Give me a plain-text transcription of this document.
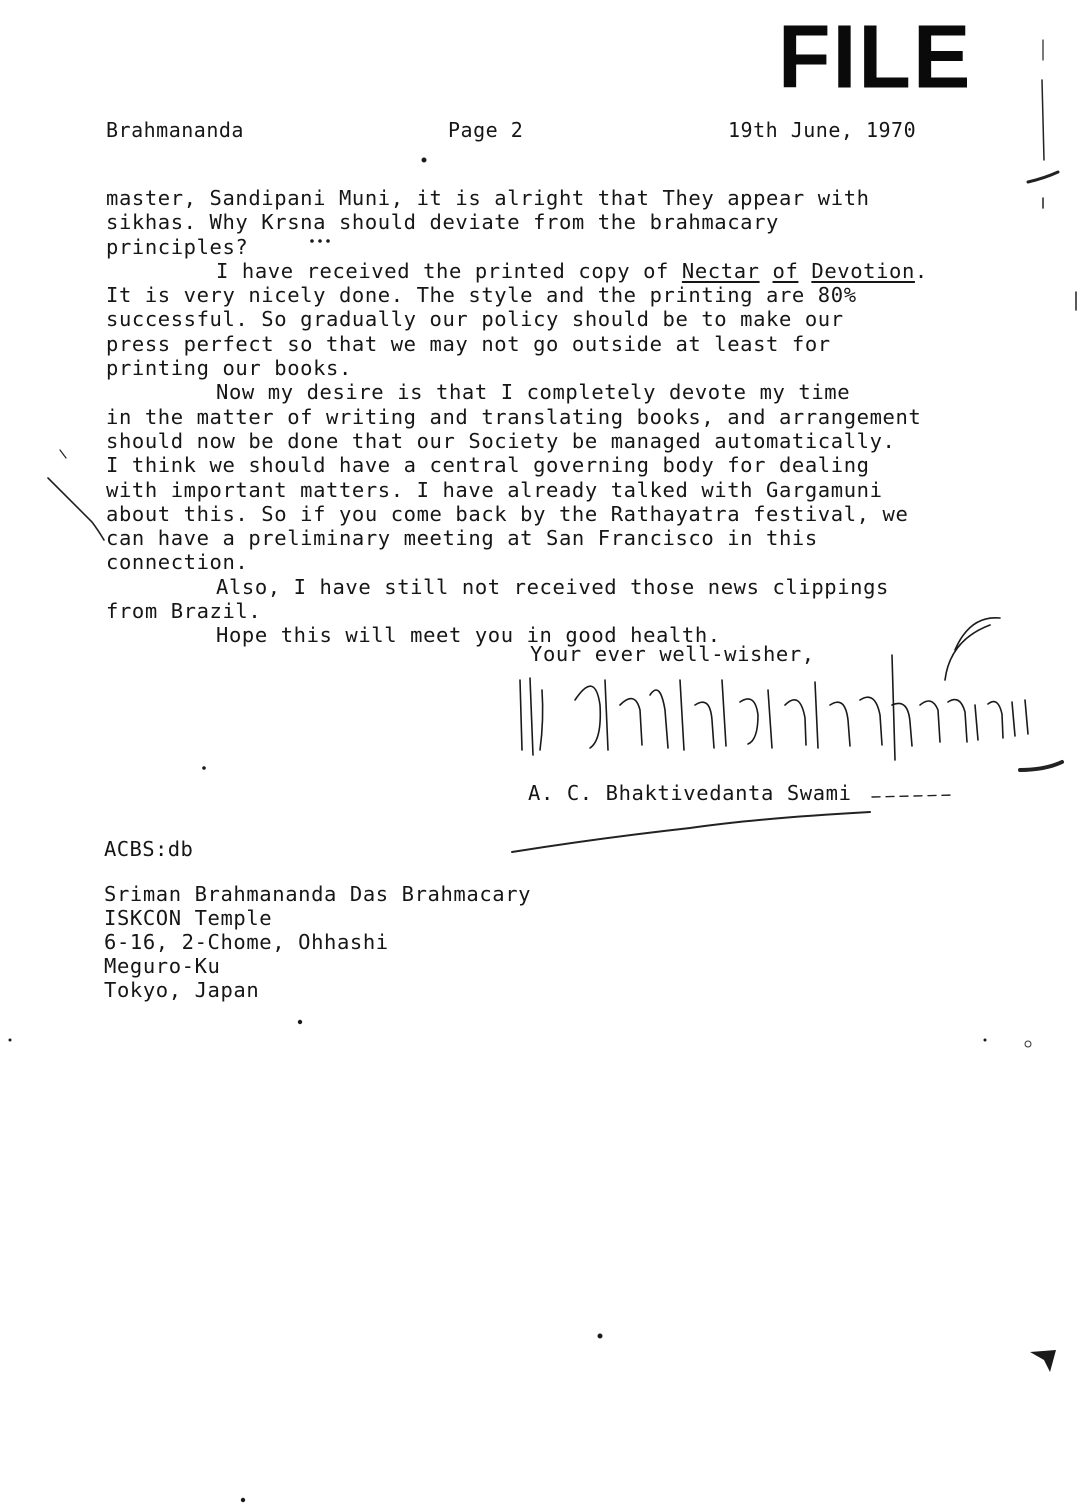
FILE
Brahmananda	Page 2	19th June, 1970

master, Sandipani Muni, it is alright that They appear with

sikhas. Why Krsna should deviate from the brahmacary

principles?

I have received the printed copy of Nectar of Devotion.

It is very nicely done. The style and the printing are 80%

successful. So gradually our policy should be to make our

press perfect so that we may not go outside at least for

printing our books.

Now my desire is that I completely devote my time

in the matter of writing and translating books, and arrangement

should now be done that our Society be managed automatically.

I think we should have a central governing body for dealing

with important matters. I have already talked with Gargamuni

about this. So if you come back by the Rathayatra festival, we

can have a preliminary meeting at San Francisco in this

connection.

Also, I have still not received those news clippings

from Brazil.

Hope this will meet you in good health.

Your ever well-wisher,
A. C. Bhaktivedanta Swami
ACBS:db
Sriman Brahmananda Das Brahmacary
ISKCON Temple
6-16, 2-Chome, Ohhashi
Meguro-Ku
Tokyo, Japan
